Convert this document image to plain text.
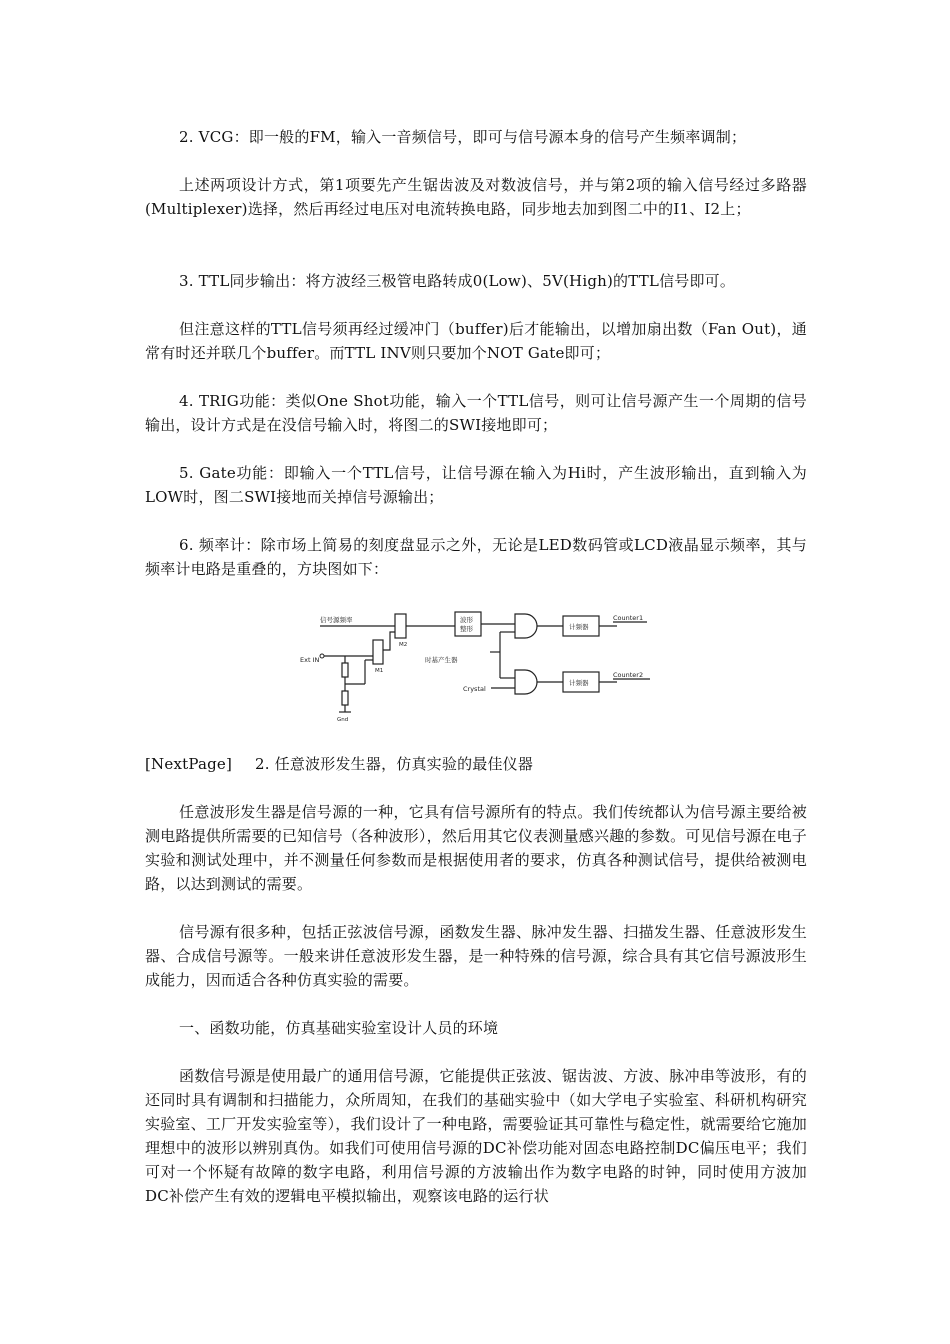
2. VCG：即一般的FM，输入一音频信号，即可与信号源本身的信号产生频率调制；

上述两项设计方式，第1项要先产生锯齿波及对数波信号，并与第2项的输入信号经过多路器(Multiplexer)选择，然后再经过电压对电流转换电路，同步地去加到图二中的I1、I2上；

3. TTL同步输出：将方波经三极管电路转成0(Low)、5V(High)的TTL信号即可。

但注意这样的TTL信号须再经过缓冲门（buffer)后才能输出，以增加扇出数（Fan Out)，通常有时还并联几个buffer。而TTL INV则只要加个NOT Gate即可；

4. TRIG功能：类似One Shot功能，输入一个TTL信号，则可让信号源产生一个周期的信号输出，设计方式是在没信号输入时，将图二的SWI接地即可；

5. Gate功能：即输入一个TTL信号，让信号源在输入为Hi时，产生波形输出，直到输入为LOW时，图二SWI接地而关掉信号源输出；

6. 频率计：除市场上简易的刻度盘显示之外，无论是LED数码管或LCD液晶显示频率，其与频率计电路是重叠的，方块图如下：

信号源频率
M2
Ext IN
M1
Gnd
波形
整形	计频器
Counter1
时基产生器
Crystal
计频器
Counter2

[NextPage] 2. 任意波形发生器，仿真实验的最佳仪器

任意波形发生器是信号源的一种，它具有信号源所有的特点。我们传统都认为信号源主要给被测电路提供所需要的已知信号（各种波形），然后用其它仪表测量感兴趣的参数。可见信号源在电子实验和测试处理中，并不测量任何参数而是根据使用者的要求，仿真各种测试信号，提供给被测电路，以达到测试的需要。

信号源有很多种，包括正弦波信号源，函数发生器、脉冲发生器、扫描发生器、任意波形发生器、合成信号源等。一般来讲任意波形发生器，是一种特殊的信号源，综合具有其它信号源波形生成能力，因而适合各种仿真实验的需要。

一、函数功能，仿真基础实验室设计人员的环境

函数信号源是使用最广的通用信号源，它能提供正弦波、锯齿波、方波、脉冲串等波形，有的还同时具有调制和扫描能力，众所周知，在我们的基础实验中（如大学电子实验室、科研机构研究实验室、工厂开发实验室等），我们设计了一种电路，需要验证其可靠性与稳定性，就需要给它施加理想中的波形以辨别真伪。如我们可使用信号源的DC补偿功能对固态电路控制DC偏压电平；我们可对一个怀疑有故障的数字电路，利用信号源的方波输出作为数字电路的时钟，同时使用方波加DC补偿产生有效的逻辑电平模拟输出，观察该电路的运行状
